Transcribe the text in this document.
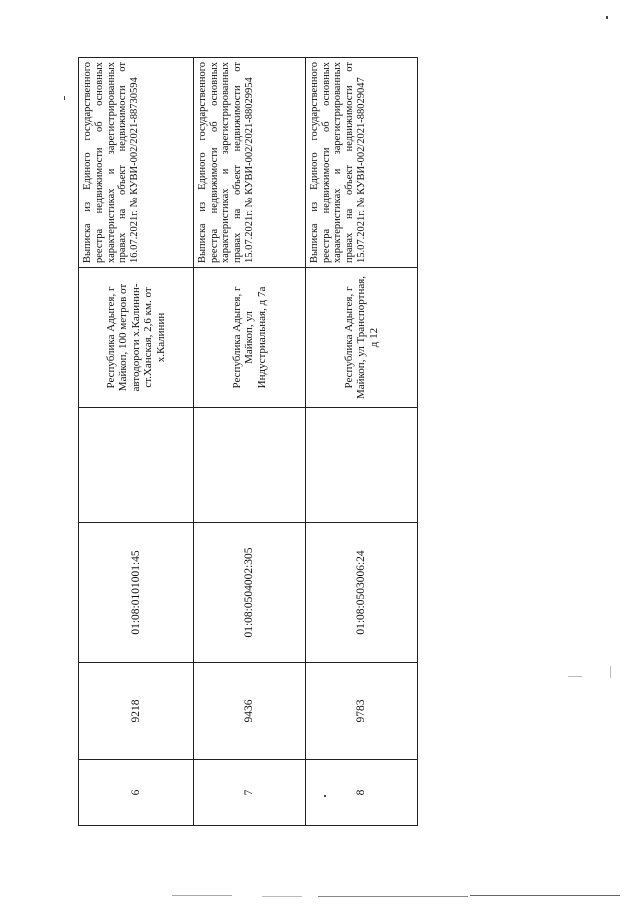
6	9218	01:08:0101001:45		Республика Адыгея, г Майкоп, 100 метров от автодороги х.Калинин-ст.Ханская, 2,6 км. от х.Калинин	Выписка из Единого государственного реестра недвижимости об основных характеристиках и зарегистрированных правах на объект недвижимости от 16.07.2021г. № КУВИ-002/2021-88730594
7	9436	01:08:0504002:305		Республика Адыгея, г Майкоп, ул Индустриальная, д 7а	Выписка из Единого государственного реестра недвижимости об основных характеристиках и зарегистрированных правах на объект недвижимости от 15.07.2021г. № КУВИ-002/2021-88029954
8	9783	01:08:0503006:24		Республика Адыгея, г Майкоп, ул Транспортная, д 12	Выписка из Единого государственного реестра недвижимости об основных характеристиках и зарегистрированных правах на объект недвижимости от 15.07.2021г. № КУВИ-002/2021-88029047
